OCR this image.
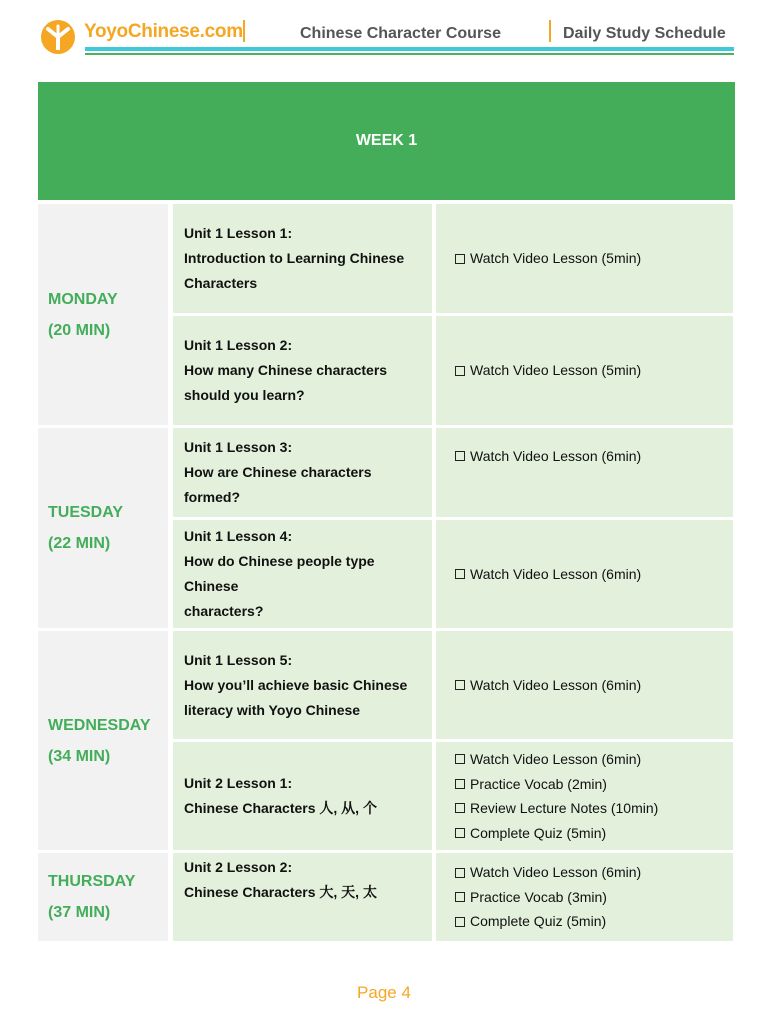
YoyoChinese.com	Chinese Character Course	Daily Study Schedule
WEEK 1
MONDAY
(20 MIN)
Unit 1 Lesson 1:
Introduction to Learning Chinese
Characters
Watch Video Lesson (5min)
Unit 1 Lesson 2:
How many Chinese characters
should you learn?
Watch Video Lesson (5min)
TUESDAY
(22 MIN)
Unit 1 Lesson 3:
How are Chinese characters formed?
Watch Video Lesson (6min)
Unit 1 Lesson 4:
How do Chinese people type Chinese
characters?
Watch Video Lesson (6min)
WEDNESDAY
(34 MIN)
Unit 1 Lesson 5:
How you’ll achieve basic Chinese
literacy with Yoyo Chinese
Watch Video Lesson (6min)
Unit 2 Lesson 1:
Chinese Characters 人, 从, 个
Watch Video Lesson (6min)
Practice Vocab (2min)
Review Lecture Notes (10min)
Complete Quiz (5min)
THURSDAY
(37 MIN)
Unit 2 Lesson 2:
Chinese Characters 大, 天, 太
Watch Video Lesson (6min)
Practice Vocab (3min)
Complete Quiz (5min)
Page 4
